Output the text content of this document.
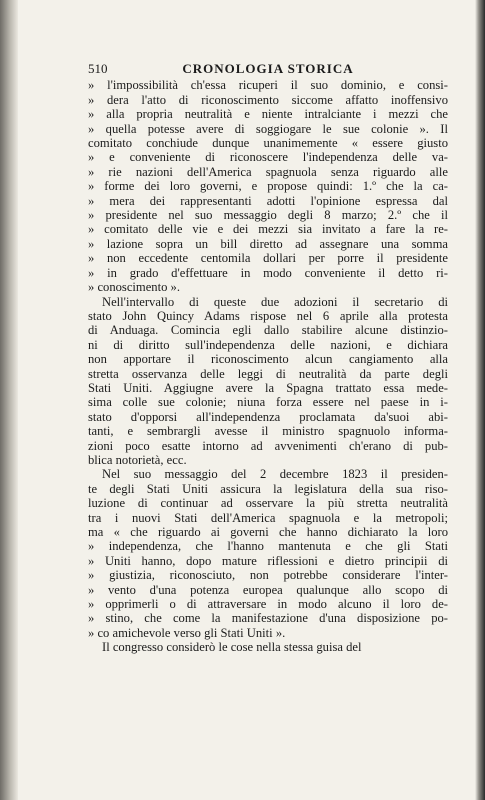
510	CRONOLOGIA STORICA
» l'impossibilità ch'essa ricuperi il suo dominio, e consi-
» dera l'atto di riconoscimento siccome affatto inoffensivo
» alla propria neutralità e niente intralciante i mezzi che
» quella potesse avere di soggiogare le sue colonie ». Il
comitato conchiude dunque unanimemente « essere giusto
» e conveniente di riconoscere l'independenza delle va-
» rie nazioni dell'America spagnuola senza riguardo alle
» forme dei loro governi, e propose quindi: 1.º che la ca-
» mera dei rappresentanti adotti l'opinione espressa dal
» presidente nel suo messaggio degli 8 marzo; 2.º che il
» comitato delle vie e dei mezzi sia invitato a fare la re-
» lazione sopra un bill diretto ad assegnare una somma
» non eccedente centomila dollari per porre il presidente
» in grado d'effettuare in modo conveniente il detto ri-
» conoscimento ».
Nell'intervallo di queste due adozioni il secretario di
stato John Quincy Adams rispose nel 6 aprile alla protesta
di Anduaga. Comincia egli dallo stabilire alcune distinzio-
ni di diritto sull'independenza delle nazioni, e dichiara
non apportare il riconoscimento alcun cangiamento alla
stretta osservanza delle leggi di neutralità da parte degli
Stati Uniti. Aggiugne avere la Spagna trattato essa mede-
sima colle sue colonie; niuna forza essere nel paese in i-
stato d'opporsi all'independenza proclamata da'suoi abi-
tanti, e sembrargli avesse il ministro spagnuolo informa-
zioni poco esatte intorno ad avvenimenti ch'erano di pub-
blica notorietà, ecc.
Nel suo messaggio del 2 decembre 1823 il presiden-
te degli Stati Uniti assicura la legislatura della sua riso-
luzione di continuar ad osservare la più stretta neutralità
tra i nuovi Stati dell'America spagnuola e la metropoli;
ma « che riguardo ai governi che hanno dichiarato la loro
» independenza, che l'hanno mantenuta e che gli Stati
» Uniti hanno, dopo mature riflessioni e dietro principii di
» giustizia, riconosciuto, non potrebbe considerare l'inter-
» vento d'una potenza europea qualunque allo scopo di
» opprimerli o di attraversare in modo alcuno il loro de-
» stino, che come la manifestazione d'una disposizione po-
» co amichevole verso gli Stati Uniti ».
Il congresso considerò le cose nella stessa guisa del
